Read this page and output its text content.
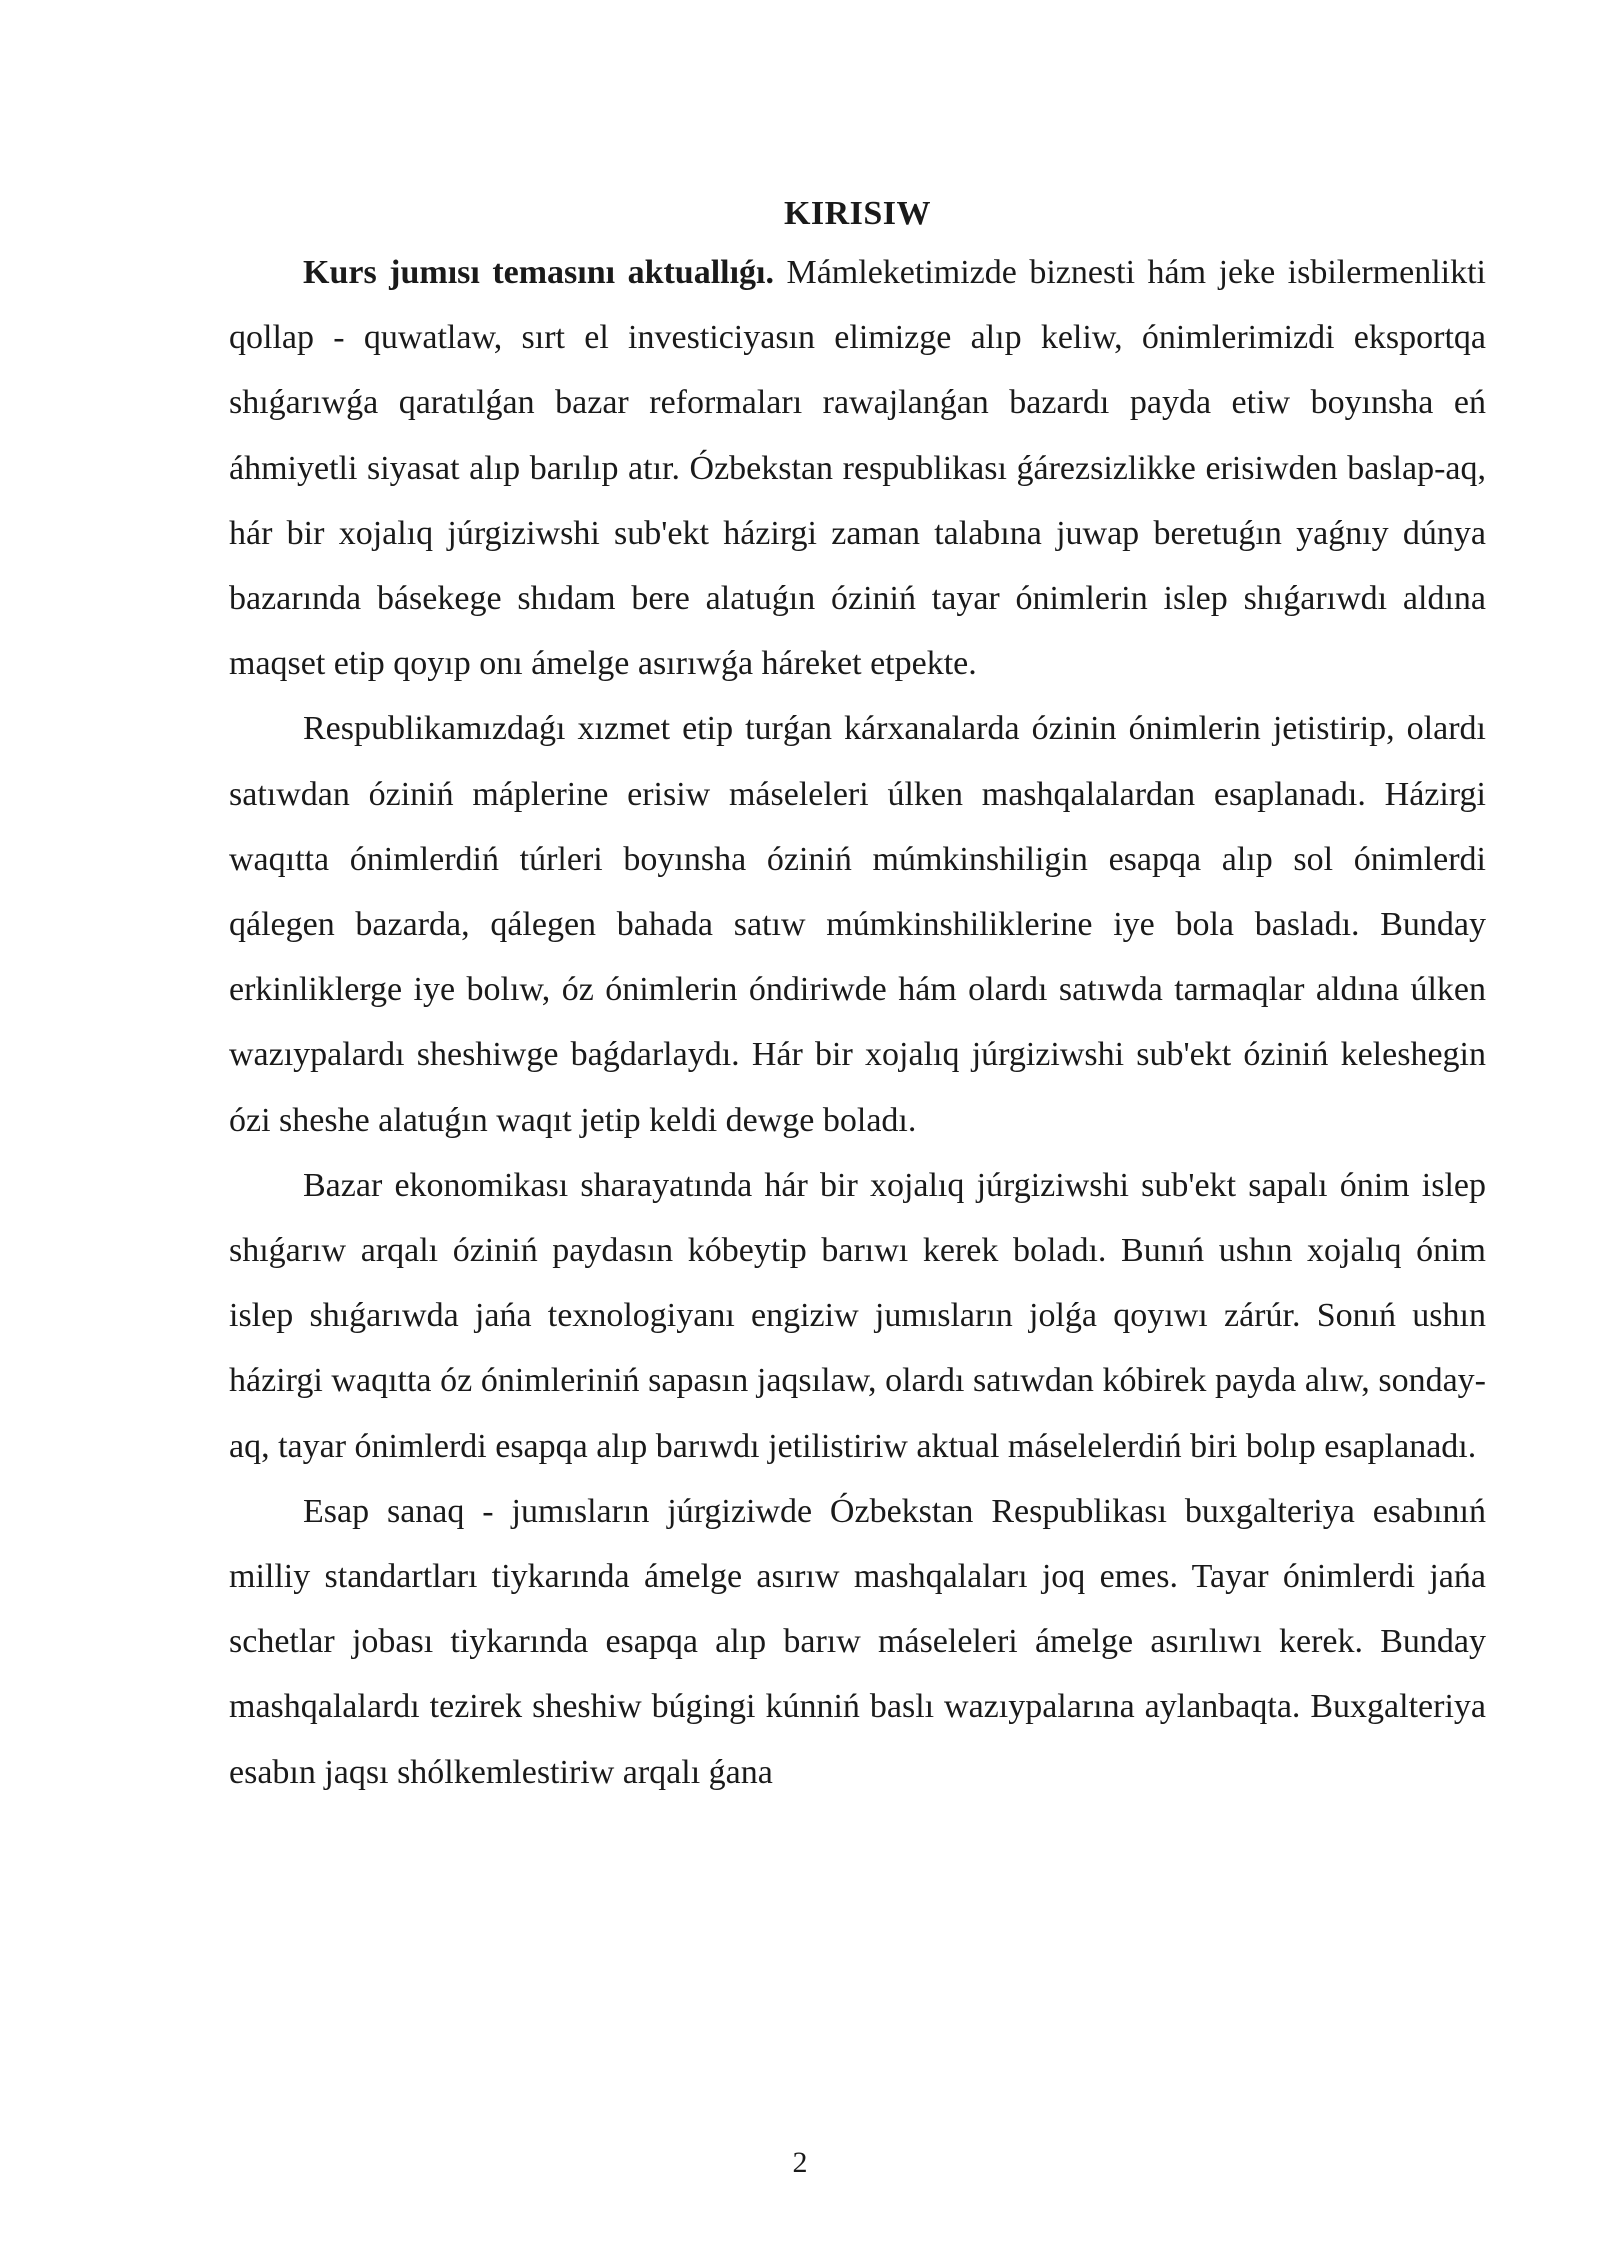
KIRISIW

Kurs jumısı temasını aktuallıǵı. Mámleketimizde biznesti hám jeke isbilermenlikti qollap - quwatlaw, sırt el investiciyasın elimizge alıp keliw, ónimlerimizdi eksportqa shıǵarıwǵa qaratılǵan bazar reformaları rawajlanǵan bazardı payda etiw boyınsha eń áhmiyetli siyasat alıp barılıp atır. Ózbekstan respublikası ǵárezsizlikke erisiwden baslap-aq, hár bir xojalıq júrgiziwshi sub'ekt házirgi zaman talabına juwap beretuǵın yaǵnıy dúnya bazarında básekege shıdam bere alatuǵın óziniń tayar ónimlerin islep shıǵarıwdı aldına maqset etip qoyıp onı ámelge asırıwǵa háreket etpekte.

Respublikamızdaǵı xızmet etip turǵan kárxanalarda ózinin ónimlerin jetistirip, olardı satıwdan óziniń máplerine erisiw máseleleri úlken mashqalalardan esaplanadı. Házirgi waqıtta ónimlerdiń túrleri boyınsha óziniń múmkinshiligin esapqa alıp sol ónimlerdi qálegen bazarda, qálegen bahada satıw múmkinshiliklerine iye bola basladı. Bunday erkinliklerge iye bolıw, óz ónimlerin óndiriwde hám olardı satıwda tarmaqlar aldına úlken wazıypalardı sheshiwge baǵdarlaydı. Hár bir xojalıq júrgiziwshi sub'ekt óziniń keleshegin ózi sheshe alatuǵın waqıt jetip keldi dewge boladı.

Bazar ekonomikası sharayatında hár bir xojalıq júrgiziwshi sub'ekt sapalı ónim islep shıǵarıw arqalı óziniń paydasın kóbeytip barıwı kerek boladı. Bunıń ushın xojalıq ónim islep shıǵarıwda jańa texnologiyanı engiziw jumısların jolǵa qoyıwı zárúr. Sonıń ushın házirgi waqıtta óz ónimleriniń sapasın jaqsılaw, olardı satıwdan kóbirek payda alıw, sonday-aq, tayar ónimlerdi esapqa alıp barıwdı jetilistiriw aktual máselelerdiń biri bolıp esaplanadı.

Esap sanaq - jumısların júrgiziwde Ózbekstan Respublikası buxgalteriya esabınıń milliy standartları tiykarında ámelge asırıw mashqalaları joq emes. Tayar ónimlerdi jańa schetlar jobası tiykarında esapqa alıp barıw máseleleri ámelge asırılıwı kerek. Bunday mashqalalardı tezirek sheshiw búgingi kúnniń baslı wazıypalarına aylanbaqta. Buxgalteriya esabın jaqsı shólkemlestiriw arqalı ǵana

2
